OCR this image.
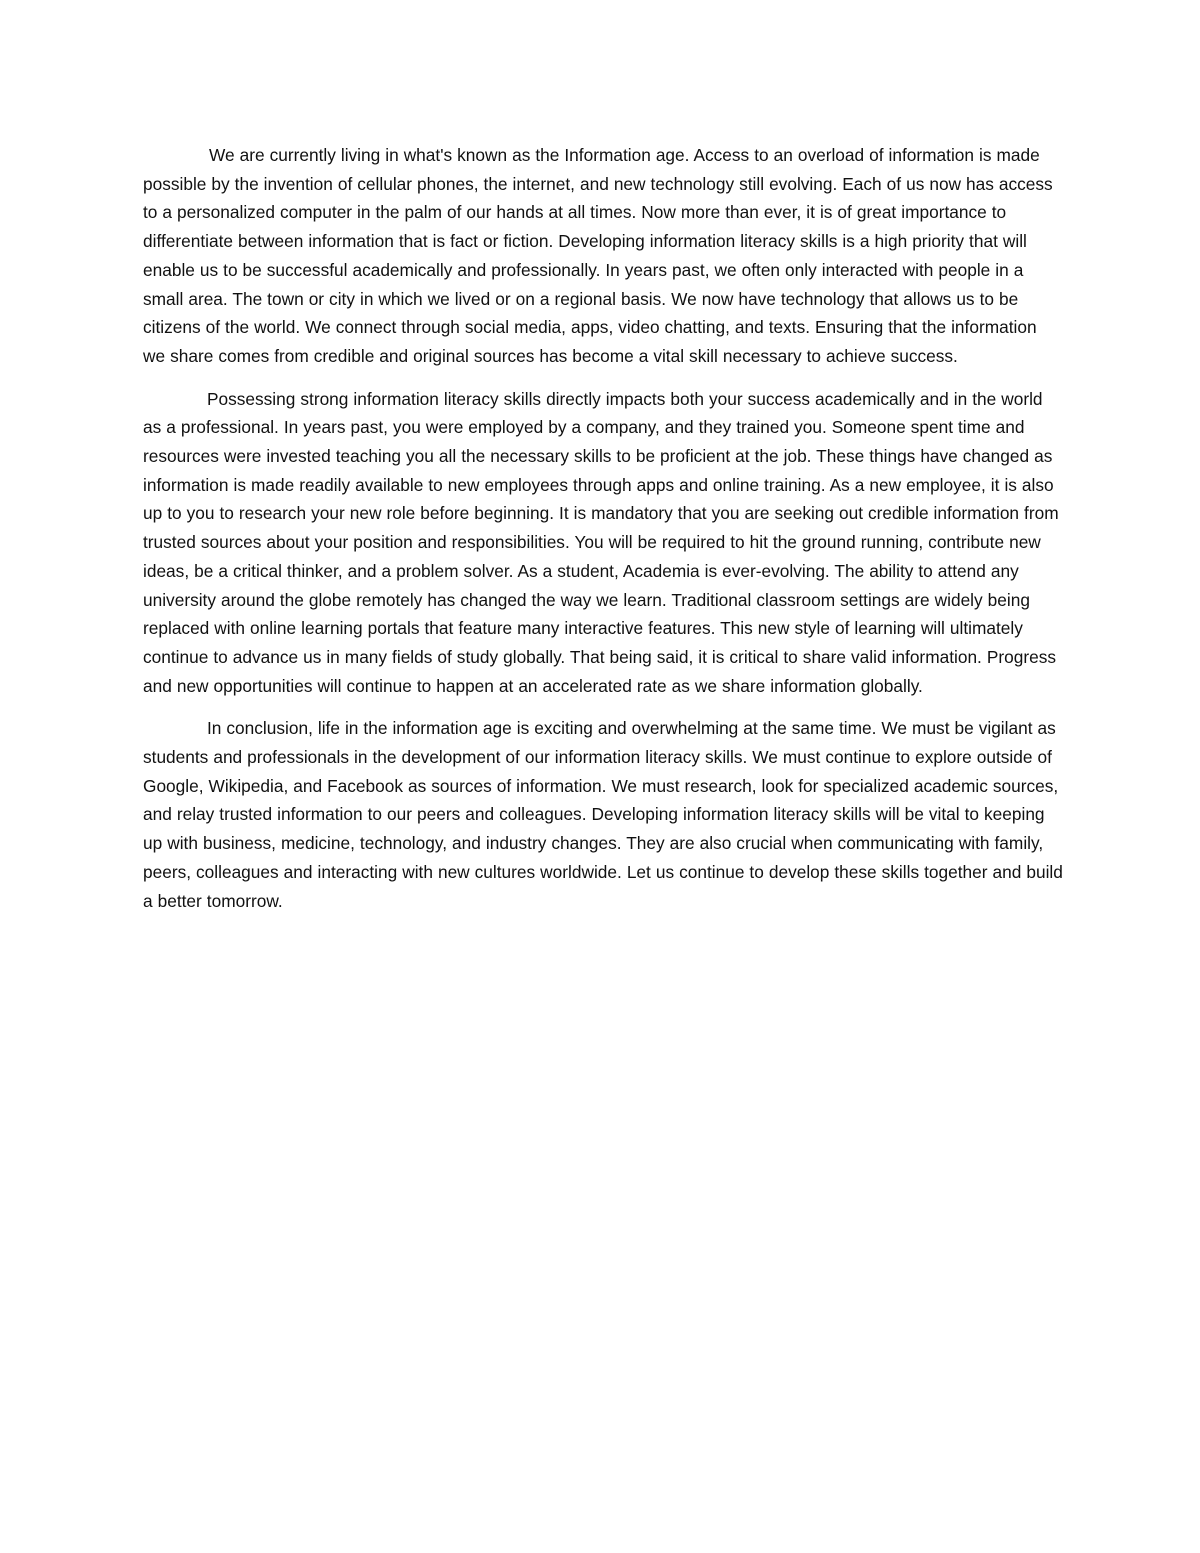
We are currently living in what's known as the Information age. Access to an overload of information is made possible by the invention of cellular phones, the internet, and new technology still evolving. Each of us now has access to a personalized computer in the palm of our hands at all times. Now more than ever, it is of great importance to differentiate between information that is fact or fiction. Developing information literacy skills is a high priority that will enable us to be successful academically and professionally. In years past, we often only interacted with people in a small area. The town or city in which we lived or on a regional basis. We now have technology that allows us to be citizens of the world. We connect through social media, apps, video chatting, and texts. Ensuring that the information we share comes from credible and original sources has become a vital skill necessary to achieve success.

Possessing strong information literacy skills directly impacts both your success academically and in the world as a professional. In years past, you were employed by a company, and they trained you. Someone spent time and resources were invested teaching you all the necessary skills to be proficient at the job. These things have changed as information is made readily available to new employees through apps and online training. As a new employee, it is also up to you to research your new role before beginning. It is mandatory that you are seeking out credible information from trusted sources about your position and responsibilities. You will be required to hit the ground running, contribute new ideas, be a critical thinker, and a problem solver. As a student, Academia is ever-evolving. The ability to attend any university around the globe remotely has changed the way we learn. Traditional classroom settings are widely being replaced with online learning portals that feature many interactive features. This new style of learning will ultimately continue to advance us in many fields of study globally. That being said, it is critical to share valid information. Progress and new opportunities will continue to happen at an accelerated rate as we share information globally.

In conclusion, life in the information age is exciting and overwhelming at the same time. We must be vigilant as students and professionals in the development of our information literacy skills. We must continue to explore outside of Google, Wikipedia, and Facebook as sources of information. We must research, look for specialized academic sources, and relay trusted information to our peers and colleagues. Developing information literacy skills will be vital to keeping up with business, medicine, technology, and industry changes. They are also crucial when communicating with family, peers, colleagues and interacting with new cultures worldwide. Let us continue to develop these skills together and build a better tomorrow.
